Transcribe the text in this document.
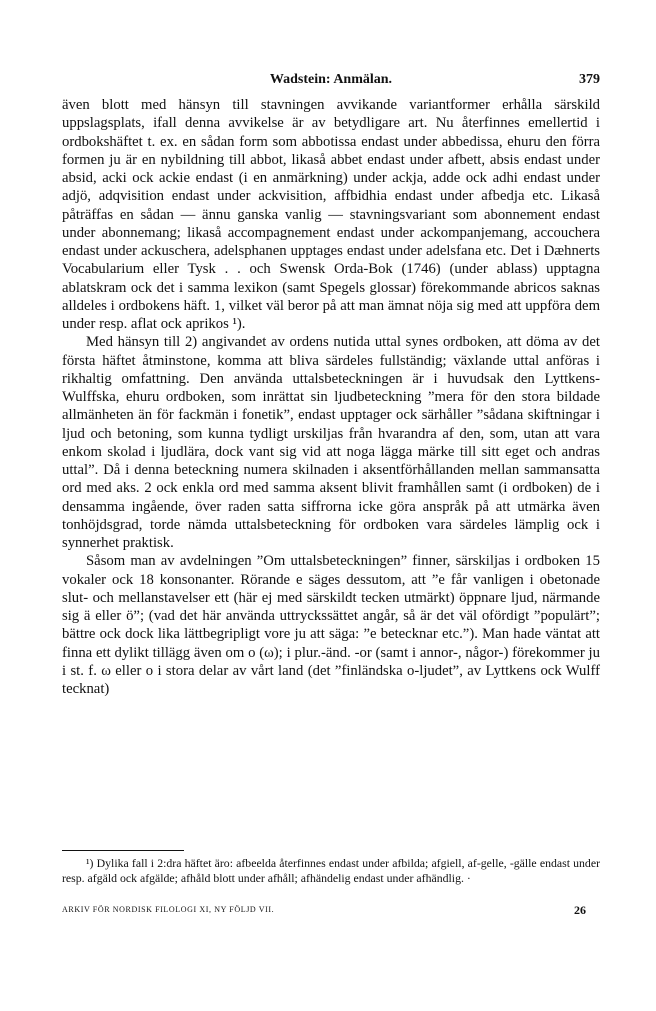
Wadstein: Anmälan.	379

även blott med hänsyn till stavningen avvikande variantformer erhålla särskild uppslagsplats, ifall denna avvikelse är av betydligare art. Nu återfinnes emellertid i ordbokshäftet t. ex. en sådan form som abbotissa endast under abbedissa, ehuru den förra formen ju är en nybildning till abbot, likaså abbet endast under afbett, absis endast under absid, acki ock ackie endast (i en anmärkning) under ackja, adde ock adhi endast under adjö, adqvisition endast under ackvisition, affbidhia endast under afbedja etc. Likaså påträffas en sådan — ännu ganska vanlig — stavningsvariant som abonnement endast under abonnemang; likaså accompagnement endast under ackompanjemang, accouchera endast under ackuschera, adelsphanen upptages endast under adelsfana etc. Det i Dæhnerts Vocabularium eller Tysk . . och Swensk Orda-Bok (1746) (under ablass) upptagna ablatskram ock det i samma lexikon (samt Spegels glossar) förekommande abricos saknas alldeles i ordbokens häft. 1, vilket väl beror på att man ämnat nöja sig med att uppföra dem under resp. aflat ock aprikos ¹).

Med hänsyn till 2) angivandet av ordens nutida uttal synes ordboken, att döma av det första häftet åtminstone, komma att bliva särdeles fullständig; växlande uttal anföras i rikhaltig omfattning. Den använda uttalsbeteckningen är i huvudsak den Lyttkens-Wulffska, ehuru ordboken, som inrättat sin ljudbeteckning ”mera för den stora bildade allmänheten än för fackmän i fonetik”, endast upptager ock särhåller ”sådana skiftningar i ljud och betoning, som kunna tydligt urskiljas från hvarandra af den, som, utan att vara enkom skolad i ljudlära, dock vant sig vid att noga lägga märke till sitt eget och andras uttal”. Då i denna beteckning numera skilnaden i aksentförhållanden mellan sammansatta ord med aks. 2 ock enkla ord med samma aksent blivit framhållen samt (i ordboken) de i densamma ingående, över raden satta siffrorna icke göra anspråk på att utmärka även tonhöjdsgrad, torde nämda uttalsbeteckning för ordboken vara särdeles lämplig ock i synnerhet praktisk.

Såsom man av avdelningen ”Om uttalsbeteckningen” finner, särskiljas i ordboken 15 vokaler ock 18 konsonanter. Rörande e säges dessutom, att ”e får vanligen i obetonade slut- och mellanstavelser ett (här ej med särskildt tecken utmärkt) öppnare ljud, närmande sig ä eller ö”; (vad det här använda uttryckssättet angår, så är det väl ofördigt ”populärt”; bättre ock dock lika lättbegripligt vore ju att säga: ”e betecknar etc.”). Man hade väntat att finna ett dylikt tillägg även om o (ω); i plur.-änd. -or (samt i annor-, någor-) förekommer ju i st. f. ω eller o i stora delar av vårt land (det ”finländska o-ljudet”, av Lyttkens ock Wulff tecknat)

¹) Dylika fall i 2:dra häftet äro: afbeelda återfinnes endast under afbilda; afgiell, af-gelle, -gälle endast under resp. afgäld ock afgälde; afhåld blott under afhåll; afhändelig endast under afhändlig. ·
ARKIV FÖR NORDISK FILOLOGI XI, NY FÖLJD VII.	26
